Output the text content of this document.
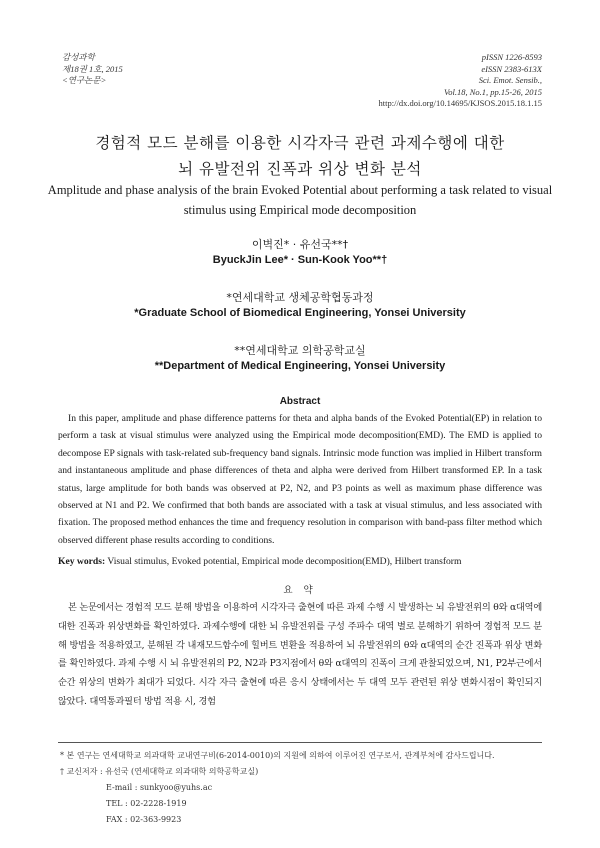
감성과학
제18권 1호, 2015
<연구논문>
pISSN 1226-8593
eISSN 2383-613X
Sci. Emot. Sensib.,
Vol.18, No.1, pp.15-26, 2015
http://dx.doi.org/10.14695/KJSOS.2015.18.1.15
경험적 모드 분해를 이용한 시각자극 관련 과제수행에 대한
뇌 유발전위 진폭과 위상 변화 분석
Amplitude and phase analysis of the brain Evoked Potential about performing a task related to visual stimulus using Empirical mode decomposition
이벽진* · 유선국**†
ByuckJin Lee* · Sun-Kook Yoo**†
*연세대학교 생체공학협동과정
*Graduate School of Biomedical Engineering, Yonsei University
**연세대학교 의학공학교실
**Department of Medical Engineering, Yonsei University
Abstract

In this paper, amplitude and phase difference patterns for theta and alpha bands of the Evoked Potential(EP) in relation to perform a task at visual stimulus were analyzed using the Empirical mode decomposition(EMD). The EMD is applied to decompose EP signals with task-related sub-frequency band signals. Intrinsic mode function was implied in Hilbert transform and instantaneous amplitude and phase differences of theta and alpha were derived from Hilbert transformed EP. In a task status, large amplitude for both bands was observed at P2, N2, and P3 points as well as maximum phase difference was observed at N1 and P2. We confirmed that both bands are associated with a task at visual stimulus, and less associated with fixation. The proposed method enhances the time and frequency resolution in comparison with band-pass filter method which observed different phase results according to conditions.

Key words: Visual stimulus, Evoked potential, Empirical mode decomposition(EMD), Hilbert transform
요 약

본 논문에서는 경험적 모드 분해 방법을 이용하여 시각자극 출현에 따른 과제 수행 시 발생하는 뇌 유발전위의 θ와 α대역에 대한 진폭과 위상변화를 확인하였다. 과제수행에 대한 뇌 유발전위를 구성 주파수 대역 별로 분해하기 위하여 경험적 모드 분해 방법을 적용하였고, 분해된 각 내재모드함수에 힐버트 변환을 적용하여 뇌 유발전위의 θ와 α대역의 순간 진폭과 위상 변화를 확인하였다. 과제 수행 시 뇌 유발전위의 P2, N2과 P3지점에서 θ와 α대역의 진폭이 크게 관찰되었으며, N1, P2부근에서 순간 위상의 변화가 최대가 되었다. 시각 자극 출현에 따른 응시 상태에서는 두 대역 모두 관련된 위상 변화시점이 확인되지 않았다. 대역통과필터 방법 적용 시, 경험

* 본 연구는 연세대학교 의과대학 교내연구비(6-2014-0010)의 지원에 의하여 이루어진 연구로서, 관계부처에 감사드립니다.
† 교신저자 : 유선국 (연세대학교 의과대학 의학공학교실)
E-mail : sunkyoo@yuhs.ac
TEL : 02-2228-1919
FAX : 02-363-9923
